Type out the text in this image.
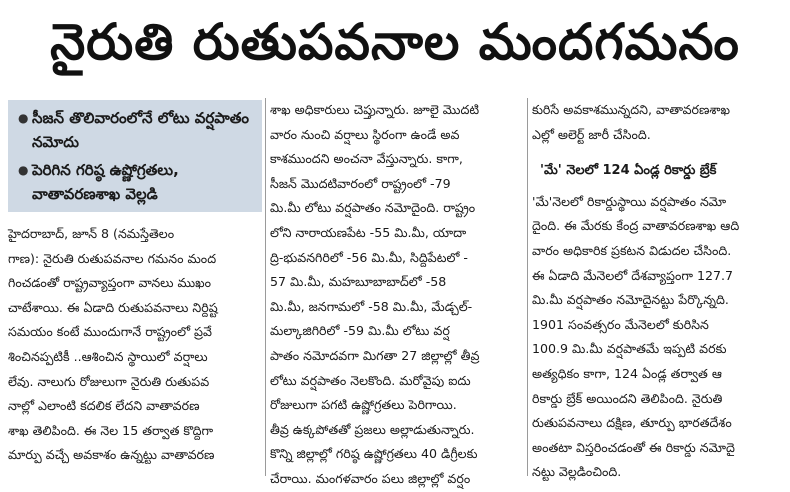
నైరుతి రుతుపవనాల మందగమనం
● సీజన్‌ తొలివారంలోనే లోటు వర్షపాతం నమోదు
● పెరిగిన గరిష్ఠ ఉష్ణోగ్రతలు, వాతావరణశాఖ వెల్లడి
హైదరాబాద్‌, జూన్‌ 8 (నమస్తేతెలం
గాణ): నైరుతి రుతుపవనాల గమనం మంద
గించడంతో రాష్ట్రవ్యాప్తంగా వానలు ముఖం
చాటేశాయి. ఈ ఏడాది రుతుపవనాలు నిర్దిష్ట
సమయం కంటే ముందుగానే రాష్ట్రంలో ప్రవే
శించినప్పటికీ ..ఆశించిన స్థాయిలో వర్షాలు
లేవు. నాలుగు రోజులుగా నైరుతి రుతుపవ
నాల్లో ఎలాంటి కదలిక లేదని వాతావరణ
శాఖ తెలిపింది. ఈ నెల 15 తర్వాత కొద్దిగా
మార్పు వచ్చే అవకాశం ఉన్నట్టు వాతావరణ
శాఖ అధికారులు చెప్తున్నారు. జూలై మొదటి
వారం నుంచి వర్షాలు స్థిరంగా ఉండే అవ
కాశముందని అంచనా వేస్తున్నారు. కాగా,
సీజన్‌ మొదటివారంలో రాష్ట్రంలో -79
మి.మీ లోటు వర్షపాతం నమోదైంది. రాష్ట్రం
లోని నారాయణపేట -55 మి.మీ, యాదా
ద్రి-భువనగిరిలో -56 మి.మీ, సిద్దిపేటలో -
57 మి.మీ, మహబూబాబాద్‌లో -58
మి.మీ, జనగామలో -58 మి.మీ, మేడ్చల్‌-
మల్కాజిగిరిలో -59 మి.మీ లోటు వర్ష
పాతం నమోదవగా మిగతా 27 జిల్లాల్లో తీవ్ర
లోటు వర్షపాతం నెలకొంది. మరోవైపు ఐదు
రోజులుగా పగటి ఉష్ణోగ్రతలు పెరిగాయి.
తీవ్ర ఉక్కపోతతో ప్రజలు అల్లాడుతున్నారు.
కొన్ని జిల్లాల్లో గరిష్ఠ ఉష్ణోగ్రతలు 40 డిగ్రీలకు
చేరాయి. మంగళవారం పలు జిల్లాల్లో వర్షం
కురిసే అవకాశమున్నదని, వాతావరణశాఖ
ఎల్లో అలెర్ట్‌ జారీ చేసింది.
'మే' నెలలో 124 ఏండ్ల రికార్డు బ్రేక్‌
'మే'నెలలో రికార్డుస్థాయి వర్షపాతం నమో
దైంది. ఈ మేరకు కేంద్ర వాతావరణశాఖ ఆది
వారం అధికారిక ప్రకటన విడుదల చేసింది.
ఈ ఏడాది మేనెలలో దేశవ్యాప్తంగా 127.7
మి.మీ వర్షపాతం నమోదైనట్టు పేర్కొన్నది.
1901 సంవత్సరం మేనెలలో కురిసిన
100.9 మి.మీ వర్షపాతమే ఇప్పటి వరకు
అత్యధికం కాగా, 124 ఏండ్ల తర్వాత ఆ
రికార్డు బ్రేక్‌ అయిందని తెలిపింది. నైరుతి
రుతుపవనాలు దక్షిణ, తూర్పు భారతదేశం
అంతటా విస్తరించడంతో ఈ రికార్డు నమోదై
నట్టు వెల్లడించింది.
